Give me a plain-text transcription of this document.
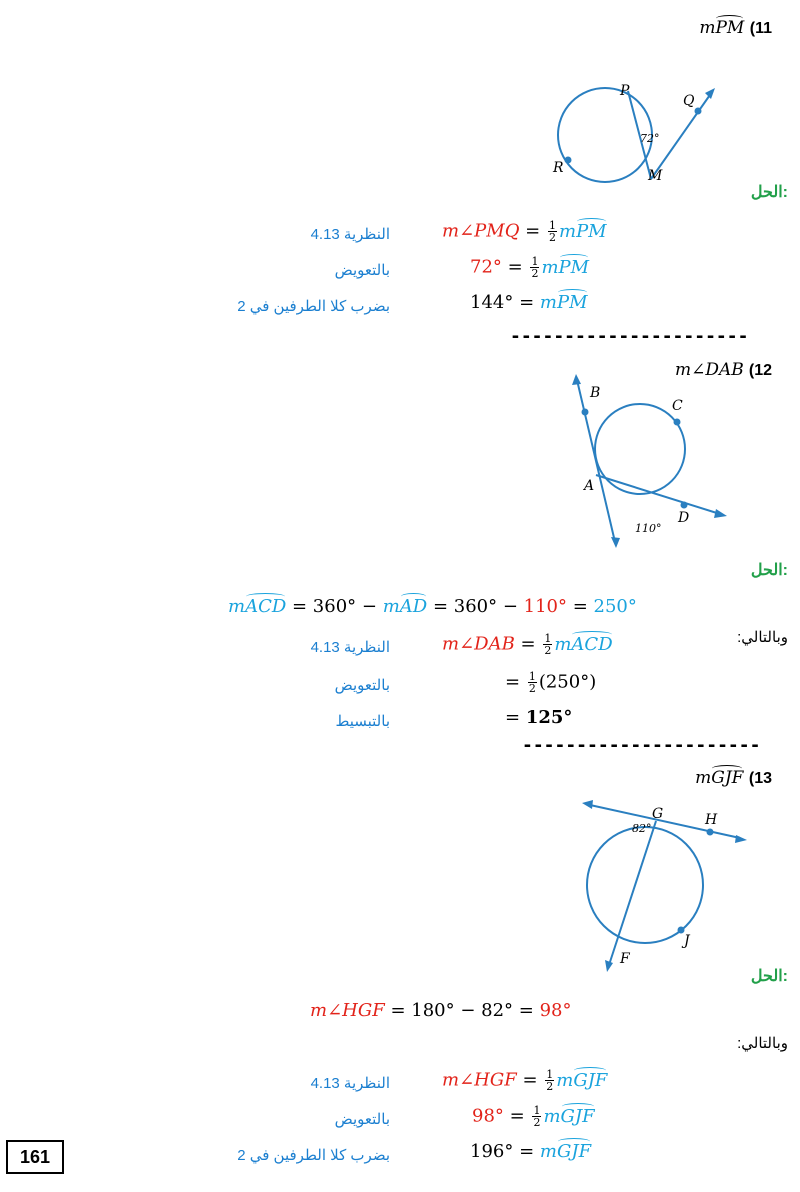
mPM (11
P
Q
R	M
72°
الحل:
النظرية 4.13	m∠PMQ = $\frac{1}{2}$ mPM
بالتعويض	$72^\circ = \frac{1}{2}$ mPM
بضرب كلا الطرفين في 2	144° = mPM
----------------------
m∠DAB (12
B
C
A
D
110°
الحل:
mACD = 360° − mAD = 360° − 110° = 250°
وبالتالي:
النظرية 4.13	m∠DAB = $\frac{1}{2}$ mACD
بالتعويض	= $\frac{1}{2} (250^\circ)$
بالتبسيط	= 125°
----------------------
mGJF (13
G	H
J
F
82°
الحل:
m∠HGF = 180° − 82° = 98°
وبالتالي:
النظرية 4.13	m∠HGF = $\frac{1}{2}$ mGJF
بالتعويض	$98^\circ = \frac{1}{2}$ mGJF
بضرب كلا الطرفين في 2	196° = mGJF
161
